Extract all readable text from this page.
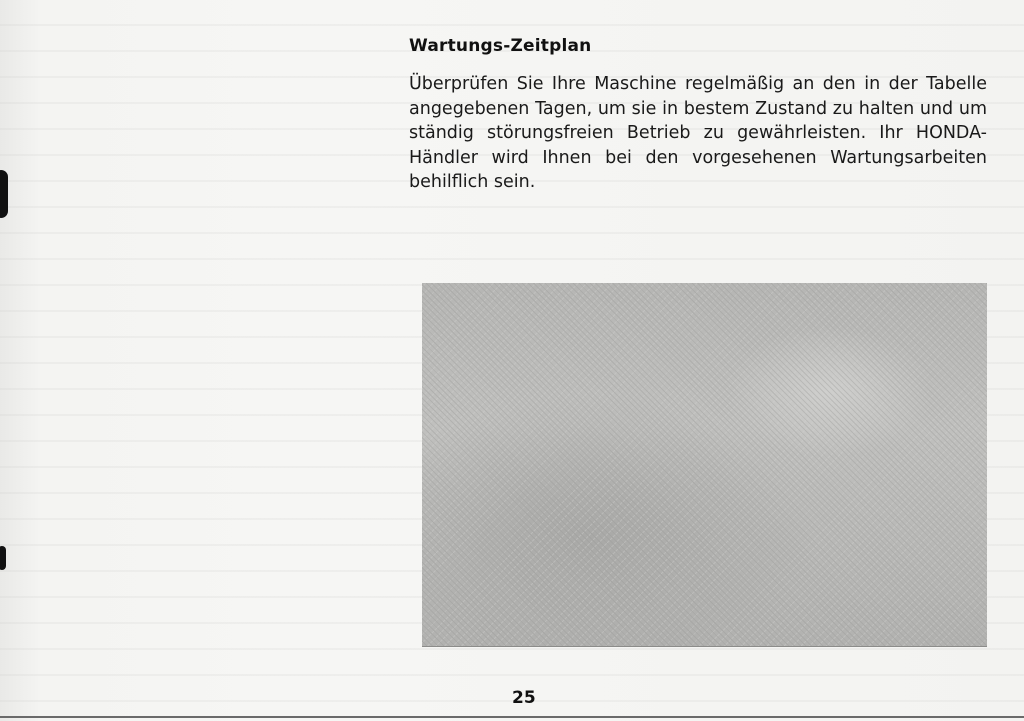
Wartungs-Zeitplan
Überprüfen Sie Ihre Maschine regelmäßig an den in der Tabelle angegebenen Tagen, um sie in bestem Zustand zu halten und um ständig störungsfreien Betrieb zu gewährleisten. Ihr HONDA-Händler wird Ihnen bei den vorgesehenen Wartungsarbeiten behilflich sein.
25
